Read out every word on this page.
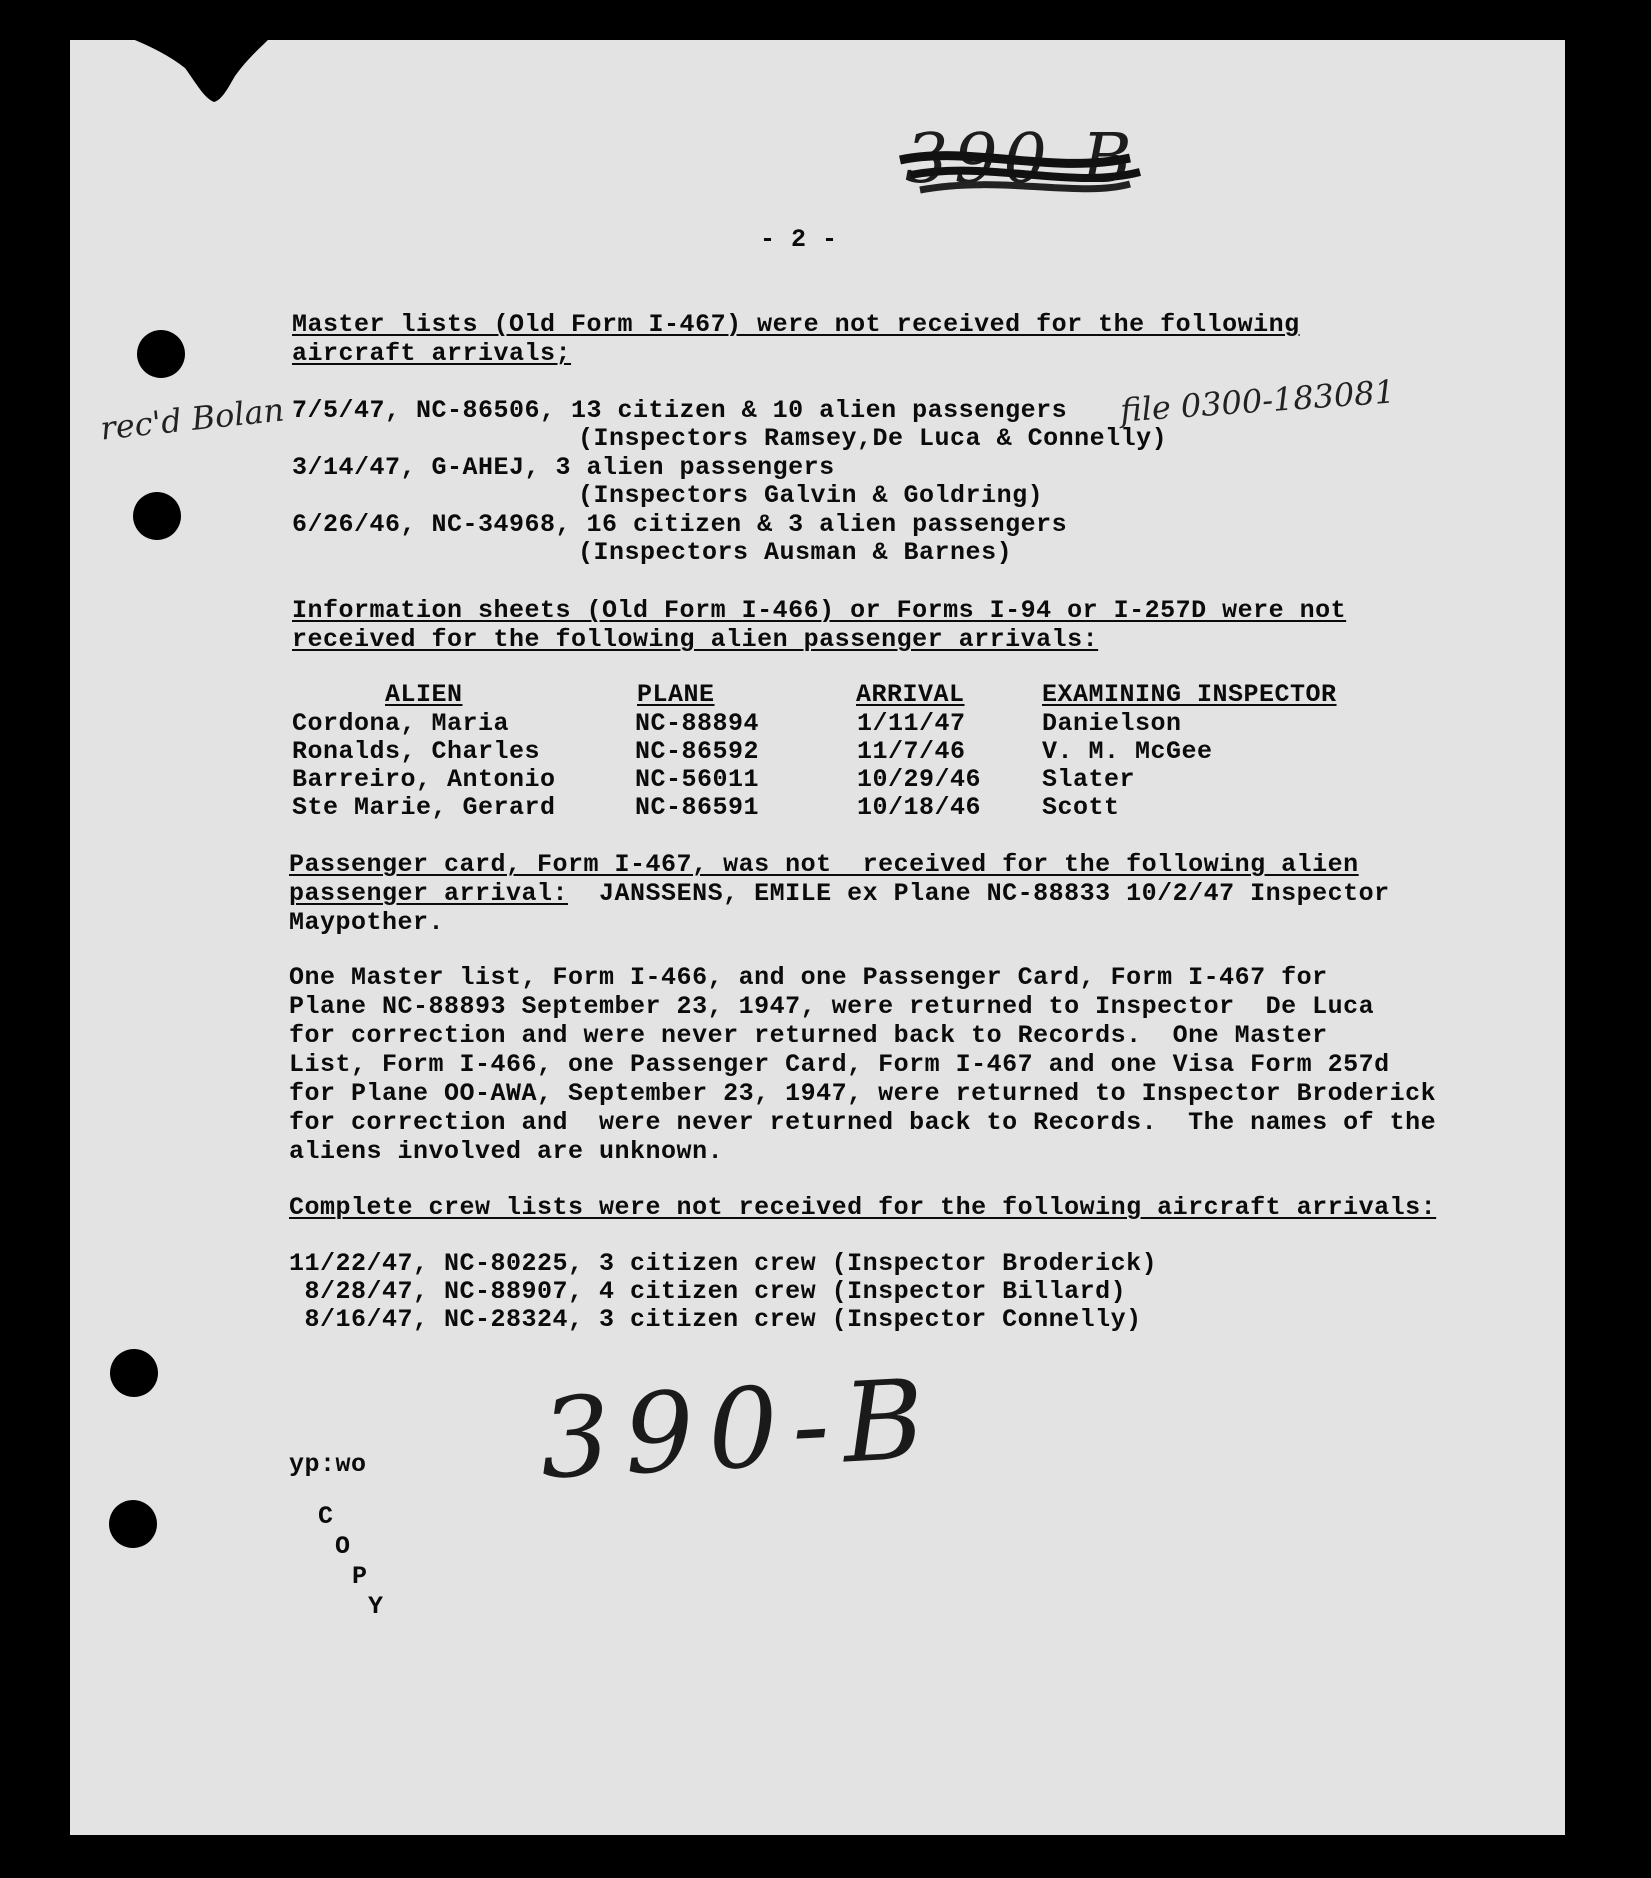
390-B
- 2 -
Master lists (Old Form I-467) were not received for the following
aircraft arrivals;
rec'd Bolan	file 0300-183081
7/5/47, NC-86506, 13 citizen & 10 alien passengers
(Inspectors Ramsey,De Luca & Connelly)
3/14/47, G-AHEJ, 3 alien passengers
(Inspectors Galvin & Goldring)
6/26/46, NC-34968, 16 citizen & 3 alien passengers
(Inspectors Ausman & Barnes)
Information sheets (Old Form I-466) or Forms I-94 or I-257D were not
received for the following alien passenger arrivals:
ALIEN	PLANE	ARRIVAL	EXAMINING INSPECTOR
Cordona, Maria	NC-88894	1/11/47	Danielson
Ronalds, Charles	NC-86592	11/7/46	V. M. McGee
Barreiro, Antonio	NC-56011	10/29/46 Slater
Ste Marie, Gerard	NC-86591	10/18/46 Scott
Passenger card, Form I-467, was not  received for the following alien
passenger arrival:  JANSSENS, EMILE ex Plane NC-88833 10/2/47 Inspector
Maypother.
One Master list, Form I-466, and one Passenger Card, Form I-467 for
Plane NC-88893 September 23, 1947, were returned to Inspector  De Luca
for correction and were never returned back to Records.  One Master
List, Form I-466, one Passenger Card, Form I-467 and one Visa Form 257d
for Plane OO-AWA, September 23, 1947, were returned to Inspector Broderick
for correction and  were never returned back to Records.  The names of the
aliens involved are unknown.
Complete crew lists were not received for the following aircraft arrivals:
11/22/47, NC-80225, 3 citizen crew (Inspector Broderick)
8/28/47, NC-88907, 4 citizen crew (Inspector Billard)
8/16/47, NC-28324, 3 citizen crew (Inspector Connelly)
390-B
yp:wo
C
O
P
Y
